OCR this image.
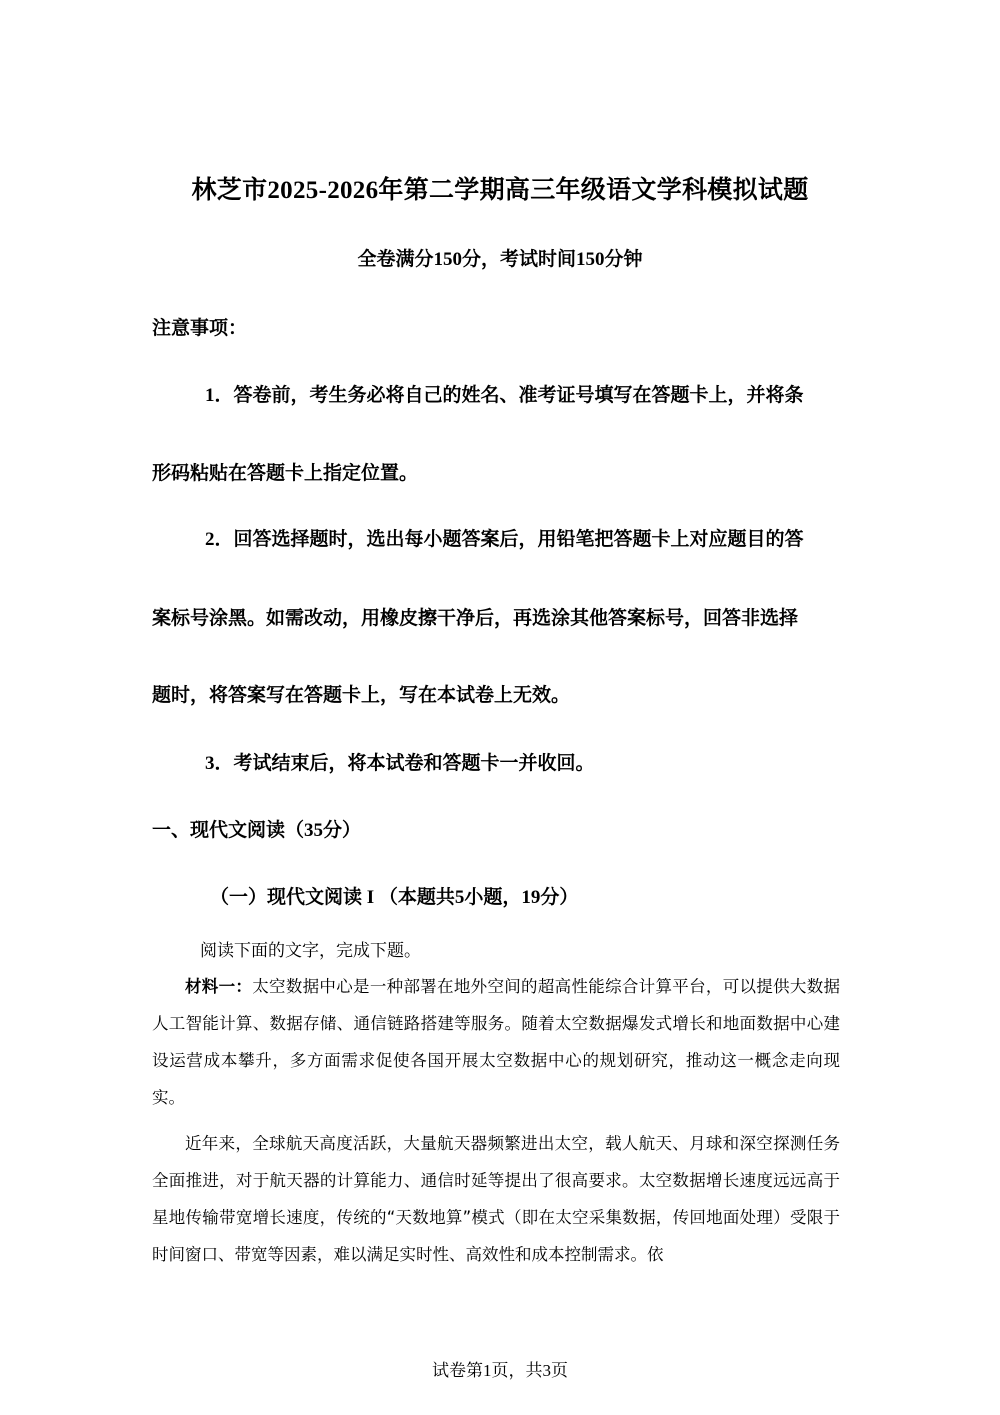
林芝市2025-2026年第二学期高三年级语文学科模拟试题
全卷满分150分，考试时间150分钟
注意事项：
1．答卷前，考生务必将自己的姓名、准考证号填写在答题卡上，并将条
形码粘贴在答题卡上指定位置。
2．回答选择题时，选出每小题答案后，用铅笔把答题卡上对应题目的答
案标号涂黑。如需改动，用橡皮擦干净后，再选涂其他答案标号，回答非选择
题时，将答案写在答题卡上，写在本试卷上无效。
3．考试结束后，将本试卷和答题卡一并收回。
一、现代文阅读（35分）
（一）现代文阅读 I （本题共5小题，19分）
阅读下面的文字，完成下题。

材料一：太空数据中心是一种部署在地外空间的超高性能综合计算平台，可以提供大数据人工智能计算、数据存储、通信链路搭建等服务。随着太空数据爆发式增长和地面数据中心建设运营成本攀升，多方面需求促使各国开展太空数据中心的规划研究，推动这一概念走向现实。

近年来，全球航天高度活跃，大量航天器频繁进出太空，载人航天、月球和深空探测任务全面推进，对于航天器的计算能力、通信时延等提出了很高要求。太空数据增长速度远远高于星地传输带宽增长速度，传统的“天数地算”模式（即在太空采集数据，传回地面处理）受限于时间窗口、带宽等因素，难以满足实时性、高效性和成本控制需求。依

试卷第1页，共3页
